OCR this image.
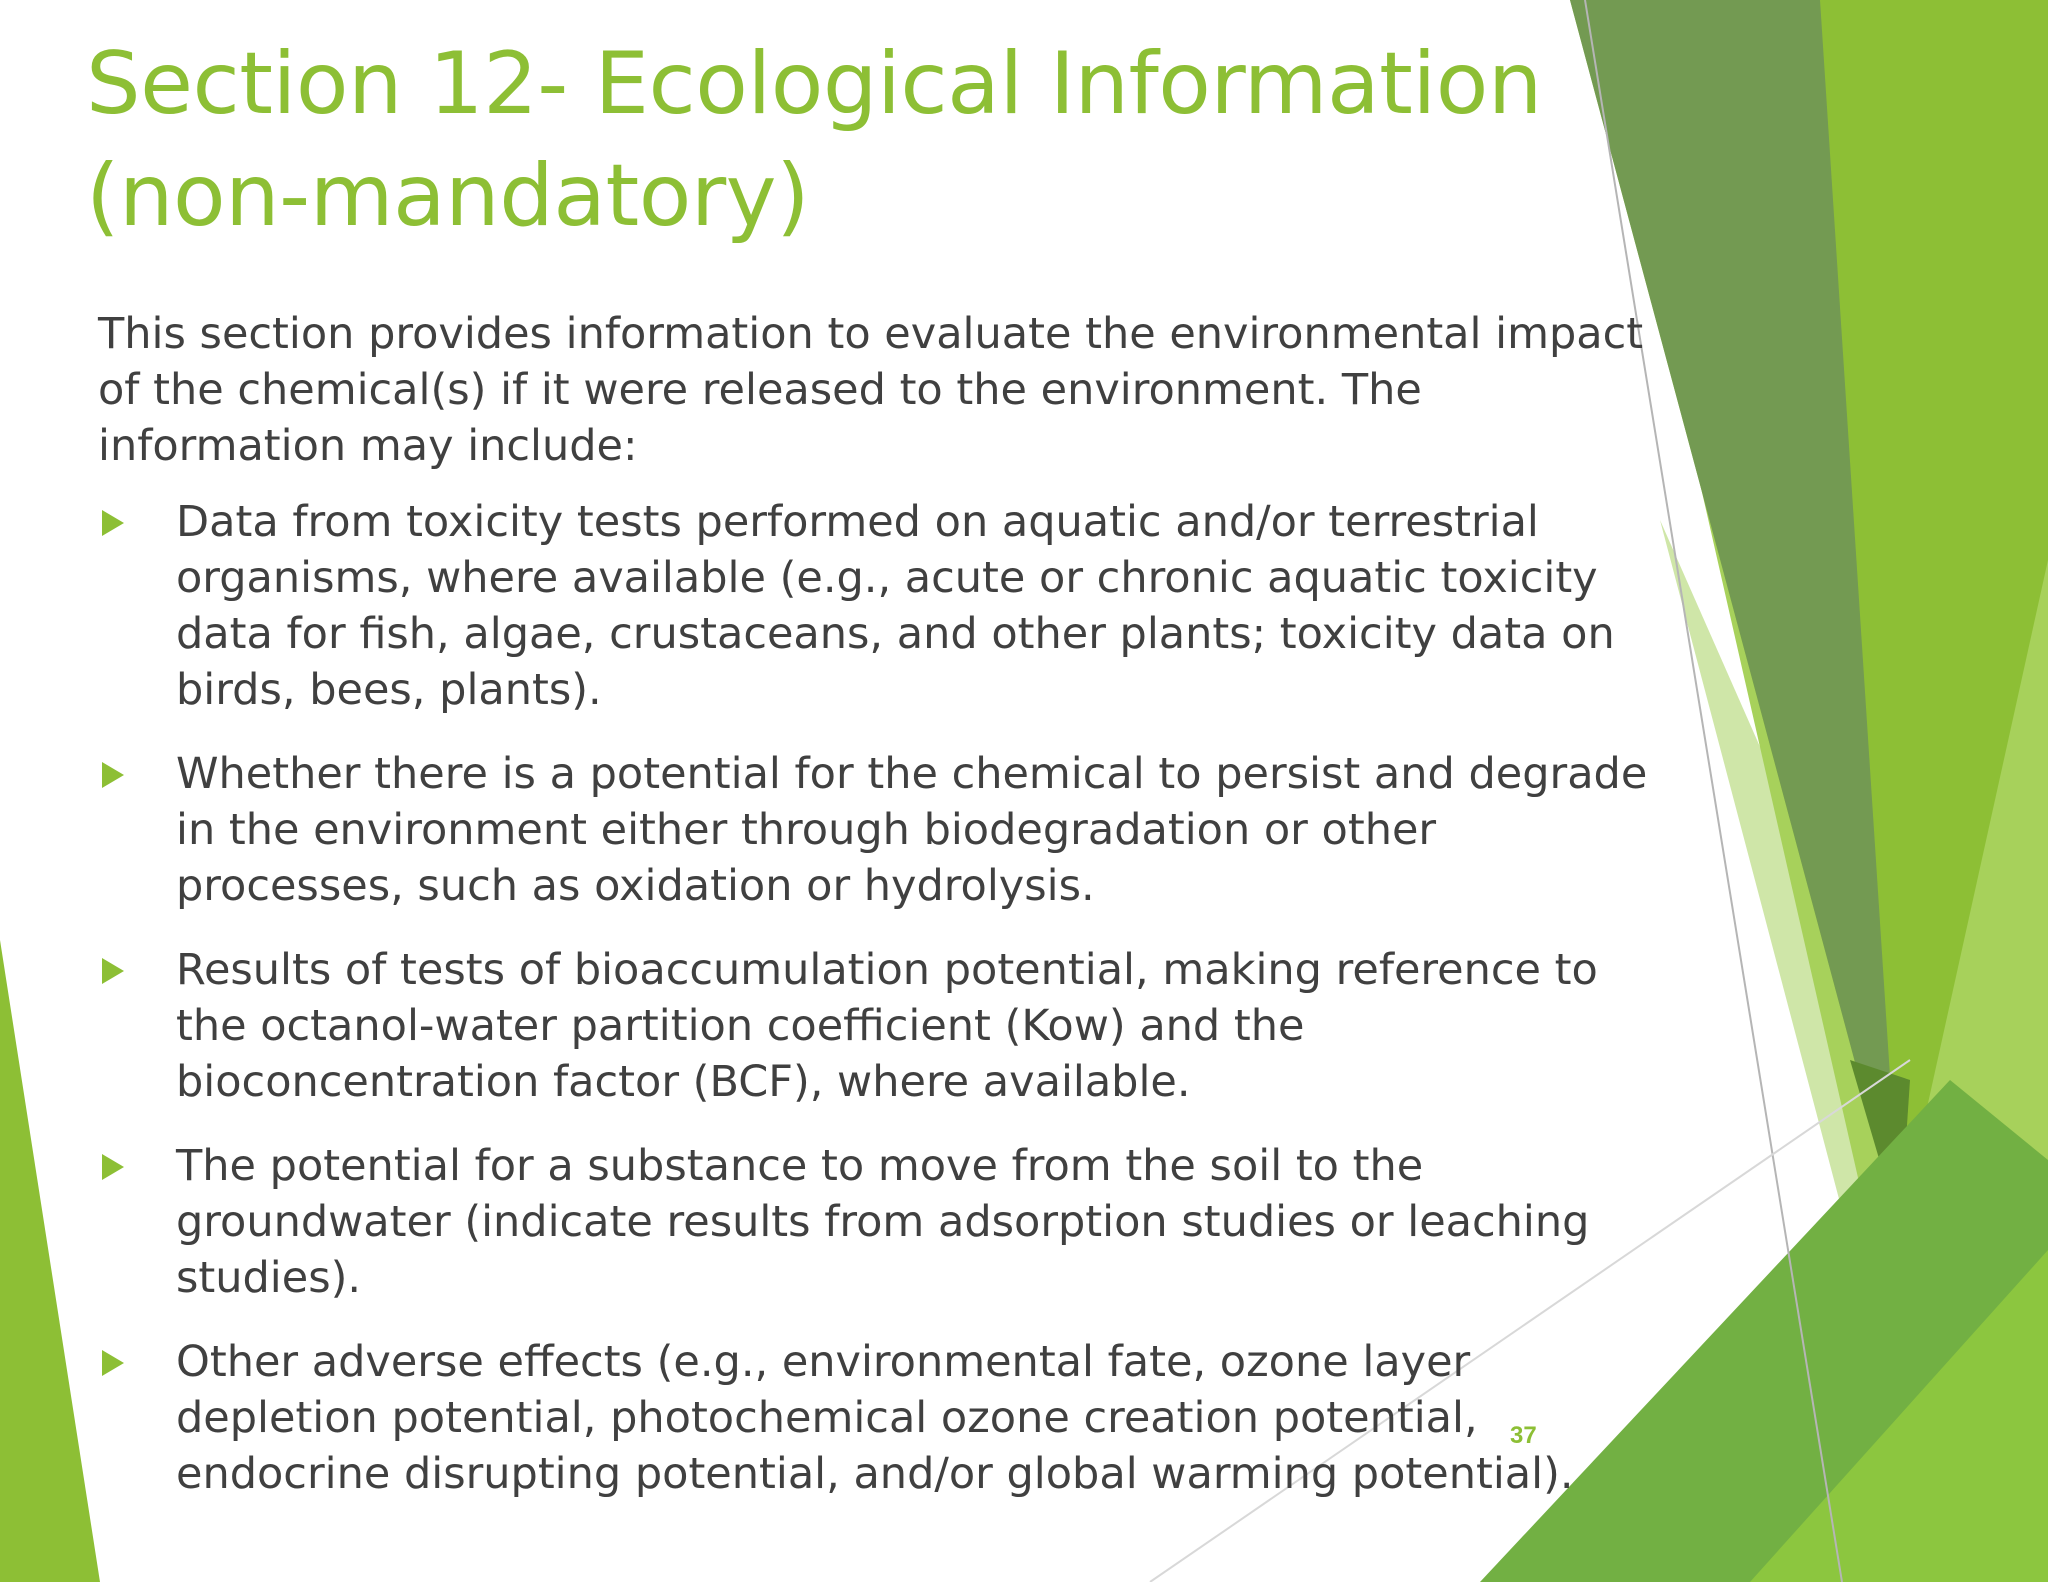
Section 12- Ecological Information
(non-mandatory)

This section provides information to evaluate the environmental impact of the chemical(s) if it were released to the environment. The information may include:

Data from toxicity tests performed on aquatic and/or terrestrial organisms, where available (e.g., acute or chronic aquatic toxicity data for fish, algae, crustaceans, and other plants; toxicity data on birds, bees, plants).
Whether there is a potential for the chemical to persist and degrade in the environment either through biodegradation or other processes, such as oxidation or hydrolysis.
Results of tests of bioaccumulation potential, making reference to the octanol-water partition coefficient (Kow) and the bioconcentration factor (BCF), where available.
The potential for a substance to move from the soil to the groundwater (indicate results from adsorption studies or leaching studies).
Other adverse effects (e.g., environmental fate, ozone layer depletion potential, photochemical ozone creation potential, endocrine disrupting potential, and/or global warming potential).
37
